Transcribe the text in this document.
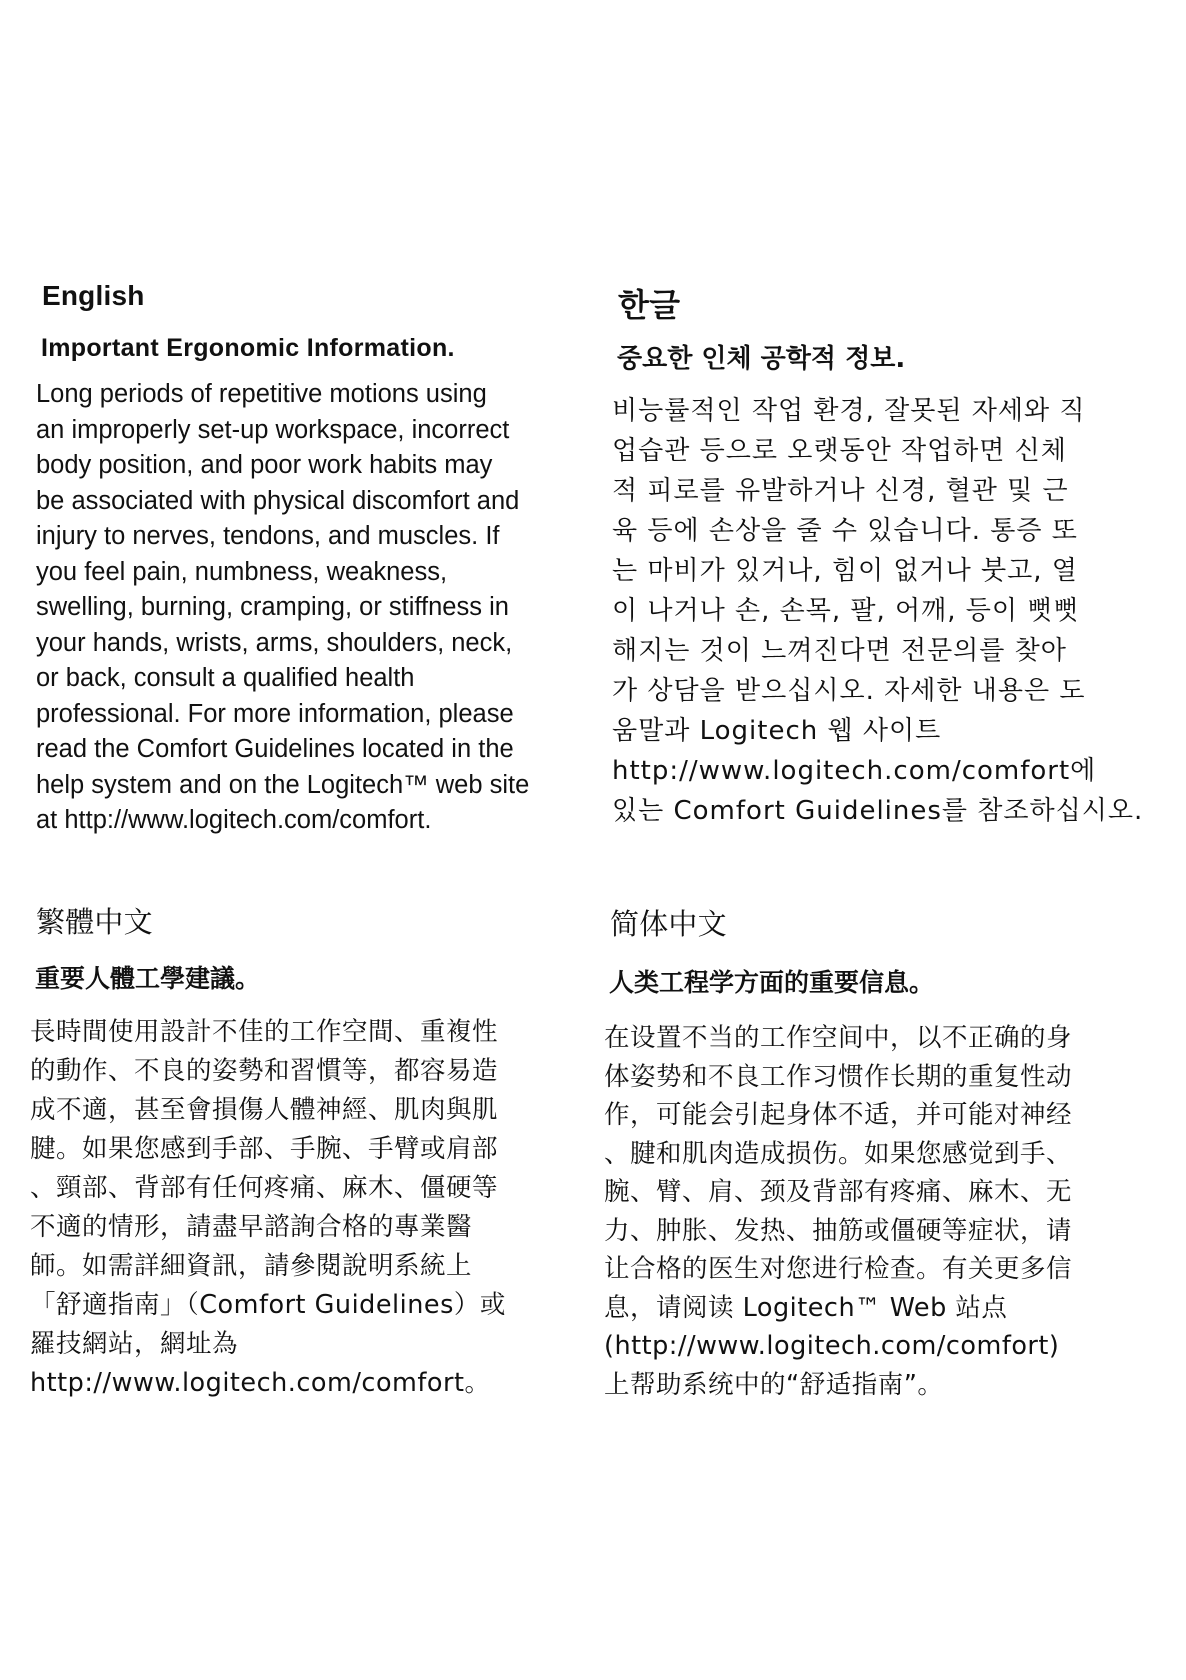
English
Important Ergonomic Information.

Long periods of repetitive motions using
an improperly set-up workspace, incorrect
body position, and poor work habits may
be associated with physical discomfort and
injury to nerves, tendons, and muscles. If
you feel pain, numbness, weakness,
swelling, burning, cramping, or stiffness in
your hands, wrists, arms, shoulders, neck,
or back, consult a qualified health
professional. For more information, please
read the Comfort Guidelines located in the
help system and on the Logitech™ web site
at http://www.logitech.com/comfort.

한글
중요한 인체 공학적 정보.

비능률적인 작업 환경, 잘못된 자세와 직
업습관 등으로 오랫동안 작업하면 신체
적 피로를 유발하거나 신경, 혈관 및 근
육 등에 손상을 줄 수 있습니다. 통증 또
는 마비가 있거나, 힘이 없거나 붓고, 열
이 나거나 손, 손목, 팔, 어깨, 등이 뻣뻣
해지는 것이 느껴진다면 전문의를 찾아
가 상담을 받으십시오. 자세한 내용은 도
움말과 Logitech 웹 사이트
http://www.logitech.com/comfort에
있는 Comfort Guidelines를 참조하십시오.

繁體中文
重要人體工學建議。

長時間使用設計不佳的工作空間、重複性
的動作、不良的姿勢和習慣等，都容易造
成不適，甚至會損傷人體神經、肌肉與肌
腱。如果您感到手部、手腕、手臂或肩部
、頸部、背部有任何疼痛、麻木、僵硬等
不適的情形，請盡早諮詢合格的專業醫
師。如需詳細資訊，請參閱說明系統上
「舒適指南」（Comfort Guidelines）或
羅技網站，網址為
http://www.logitech.com/comfort。

简体中文
人类工程学方面的重要信息。

在设置不当的工作空间中，以不正确的身
体姿势和不良工作习惯作长期的重复性动
作，可能会引起身体不适，并可能对神经
、腱和肌肉造成损伤。如果您感觉到手、
腕、臂、肩、颈及背部有疼痛、麻木、无
力、肿胀、发热、抽筋或僵硬等症状，请
让合格的医生对您进行检查。有关更多信
息，请阅读 Logitech™ Web 站点
(http://www.logitech.com/comfort)
上帮助系统中的“舒适指南”。
